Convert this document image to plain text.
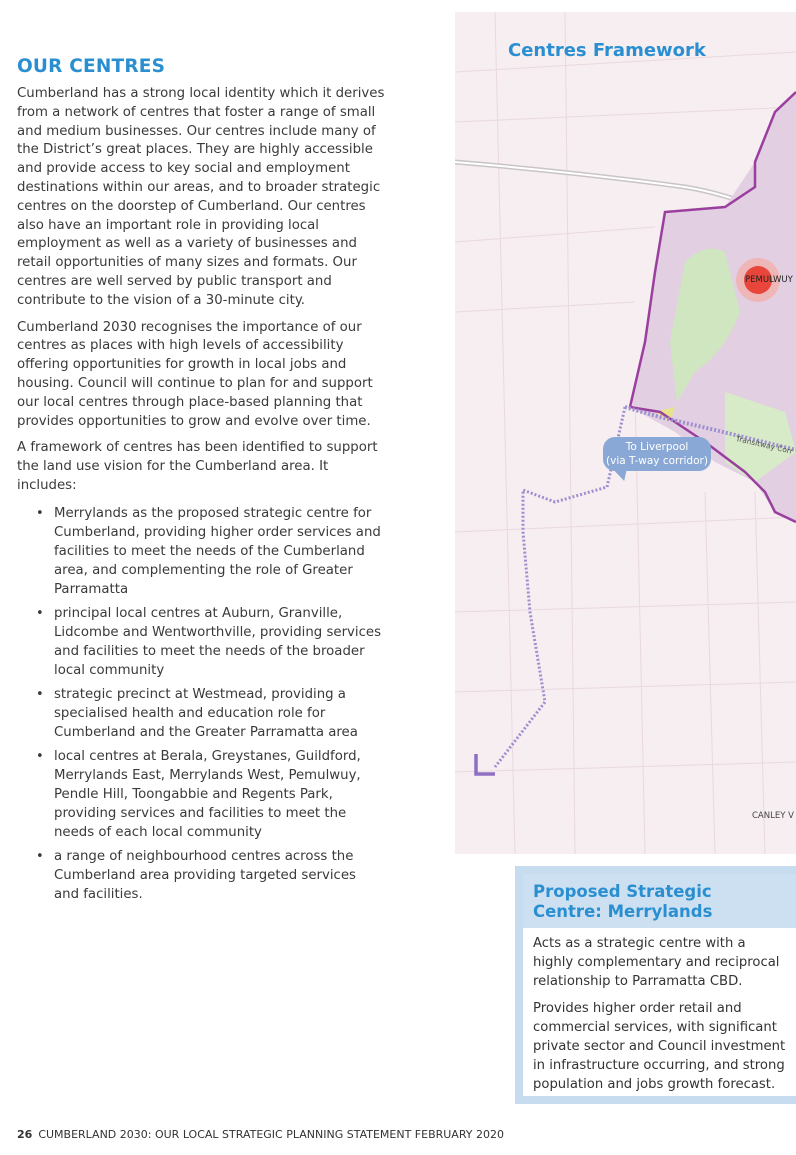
OUR CENTRES

Cumberland has a strong local identity which it derives from a network of centres that foster a range of small and medium businesses. Our centres include many of the District’s great places. They are highly accessible and provide access to key social and employment destinations within our areas, and to broader strategic centres on the doorstep of Cumberland. Our centres also have an important role in providing local employment as well as a variety of businesses and retail opportunities of many sizes and formats. Our centres are well served by public transport and contribute to the vision of a 30-minute city.

Cumberland 2030 recognises the importance of our centres as places with high levels of accessibility offering opportunities for growth in local jobs and housing. Council will continue to plan for and support our local centres through place-based planning that provides opportunities to grow and evolve over time.

A framework of centres has been identified to support the land use vision for the Cumberland area. It includes:

• Merrylands as the proposed strategic centre for Cumberland, providing higher order services and facilities to meet the needs of the Cumberland area, and complementing the role of Greater Parramatta
• principal local centres at Auburn, Granville, Lidcombe and Wentworthville, providing services and facilities to meet the needs of the broader local community
• strategic precinct at Westmead, providing a specialised health and education role for Cumberland and the Greater Parramatta area
• local centres at Berala, Greystanes, Guildford, Merrylands East, Merrylands West, Pemulwuy, Pendle Hill, Toongabbie and Regents Park, providing services and facilities to meet the needs of each local community
• a range of neighbourhood centres across the Cumberland area providing targeted services and facilities.
Centres Framework
PEMULWUY
Transitway Corr
To Liverpool
(via T-way corridor)
CANLEY V
Proposed Strategic Centre: Merrylands

Acts as a strategic centre with a highly complementary and reciprocal relationship to Parramatta CBD.

Provides higher order retail and commercial services, with significant private sector and Council investment in infrastructure occurring, and strong population and jobs growth forecast.

26 CUMBERLAND 2030: OUR LOCAL STRATEGIC PLANNING STATEMENT FEBRUARY 2020
